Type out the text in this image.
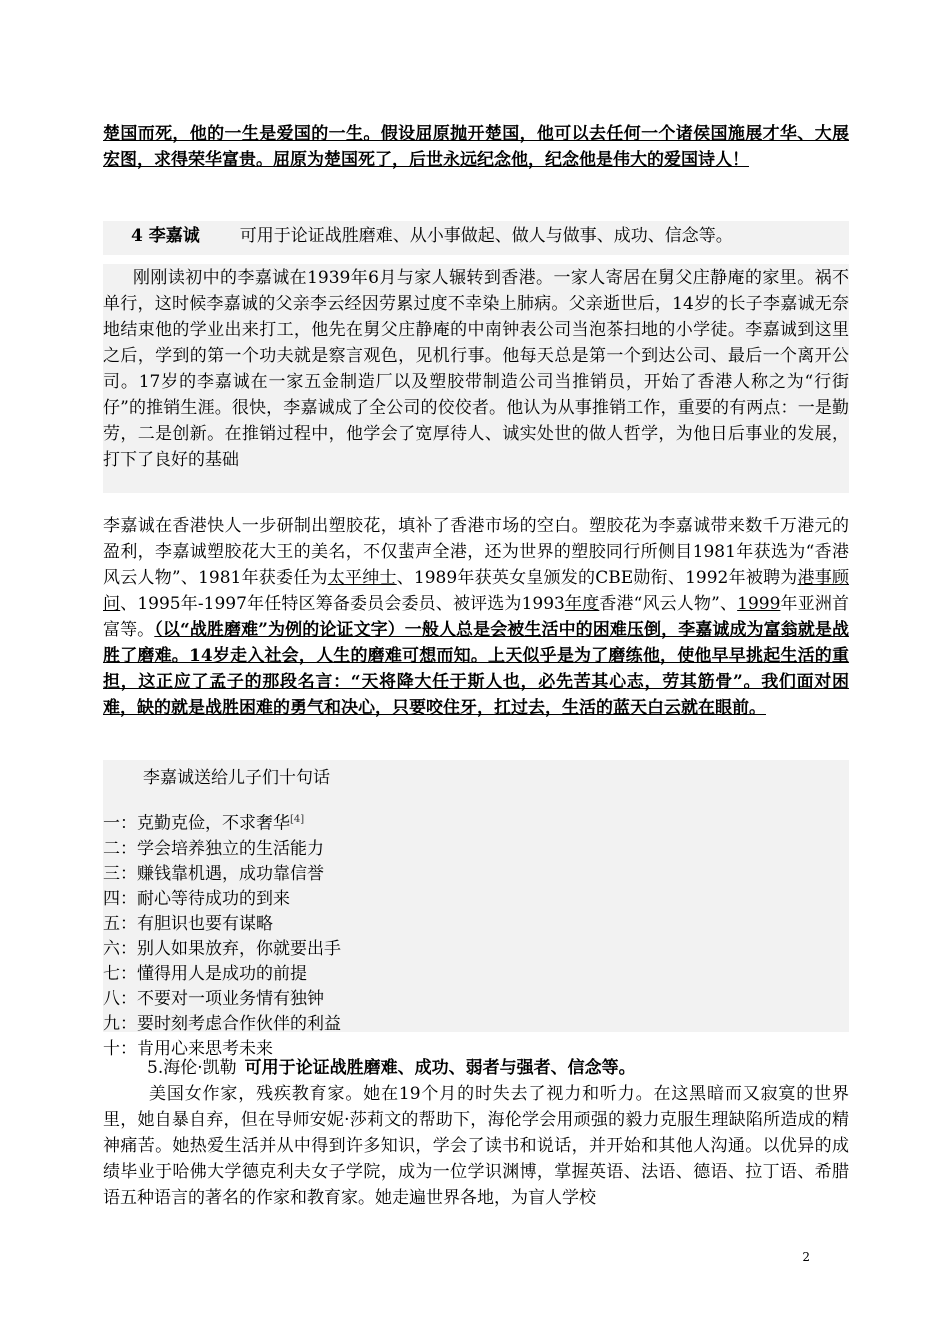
楚国而死，他的一生是爱国的一生。假设屈原抛开楚国，他可以去任何一个诸侯国施展才华、大展宏图，求得荣华富贵。屈原为楚国死了，后世永远纪念他，纪念他是伟大的爱国诗人！

4 李嘉诚 可用于论证战胜磨难、从小事做起、做人与做事、成功、信念等。

刚刚读初中的李嘉诚在1939年6月与家人辗转到香港。一家人寄居在舅父庄静庵的家里。祸不单行，这时候李嘉诚的父亲李云经因劳累过度不幸染上肺病。父亲逝世后，14岁的长子李嘉诚无奈地结束他的学业出来打工，他先在舅父庄静庵的中南钟表公司当泡茶扫地的小学徒。李嘉诚到这里之后，学到的第一个功夫就是察言观色，见机行事。他每天总是第一个到达公司、最后一个离开公司。17岁的李嘉诚在一家五金制造厂以及塑胶带制造公司当推销员，开始了香港人称之为“行街仔”的推销生涯。很快，李嘉诚成了全公司的佼佼者。他认为从事推销工作，重要的有两点：一是勤劳，二是创新。在推销过程中，他学会了宽厚待人、诚实处世的做人哲学，为他日后事业的发展，打下了良好的基础

李嘉诚在香港快人一步研制出塑胶花，填补了香港市场的空白。塑胶花为李嘉诚带来数千万港元的盈利，李嘉诚塑胶花大王的美名，不仅蜚声全港，还为世界的塑胶同行所侧目1981年获选为“香港风云人物”、1981年获委任为太平绅士、1989年获英女皇颁发的CBE勋衔、1992年被聘为港事顾问、1995年-1997年任特区筹备委员会委员、被评选为1993年度香港“风云人物”、1999年亚洲首富等。（以“战胜磨难”为例的论证文字）一般人总是会被生活中的困难压倒，李嘉诚成为富翁就是战胜了磨难。14岁走入社会，人生的磨难可想而知。上天似乎是为了磨练他，使他早早挑起生活的重担，这正应了孟子的那段名言：“天将降大任于斯人也，必先苦其心志，劳其筋骨”。我们面对困难，缺的就是战胜困难的勇气和决心，只要咬住牙，扛过去，生活的蓝天白云就在眼前。

李嘉诚送给儿子们十句话

一：克勤克俭，不求奢华[4]

二：学会培养独立的生活能力

三：赚钱靠机遇，成功靠信誉

四：耐心等待成功的到来

五：有胆识也要有谋略

六：别人如果放弃，你就要出手

七：懂得用人是成功的前提

八：不要对一项业务情有独钟

九：要时刻考虑合作伙伴的利益

十：肯用心来思考未来

5.海伦·凯勒 可用于论证战胜磨难、成功、弱者与强者、信念等。

美国女作家，残疾教育家。她在19个月的时失去了视力和听力。在这黑暗而又寂寞的世界里，她自暴自弃，但在导师安妮·莎莉文的帮助下，海伦学会用顽强的毅力克服生理缺陷所造成的精神痛苦。她热爱生活并从中得到许多知识，学会了读书和说话，并开始和其他人沟通。以优异的成绩毕业于哈佛大学德克利夫女子学院，成为一位学识渊博，掌握英语、法语、德语、拉丁语、希腊语五种语言的著名的作家和教育家。她走遍世界各地，为盲人学校

2
